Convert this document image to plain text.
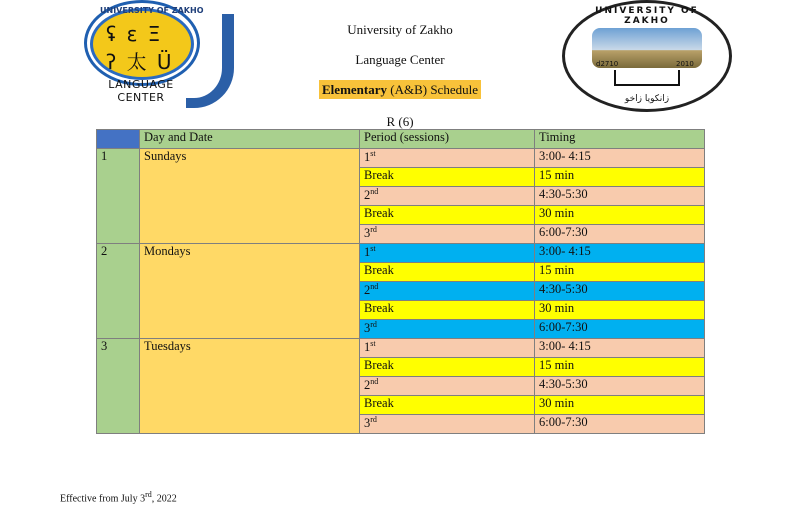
UNIVERSITY OF ZAKHO
ʢ ε Ξ
ʔ 太 Ü
LANGUAGE
CENTER
UNIVERSITY OF ZAKHO
d2710	2010
زانكويا زاخو
University of Zakho
Language Center
Elementary (A&B) Schedule
R (6)
	Day and Date	Period (sessions)	Timing
1	Sundays	1st	3:00- 4:15
		Break	15 min
		2nd	4:30-5:30
		Break	30 min
		3rd	6:00-7:30
2	Mondays	1st	3:00- 4:15
		Break	15 min
		2nd	4:30-5:30
		Break	30 min
		3rd	6:00-7:30
3	Tuesdays	1st	3:00- 4:15
		Break	15 min
		2nd	4:30-5:30
		Break	30 min
		3rd	6:00-7:30
Effective from July 3rd, 2022
